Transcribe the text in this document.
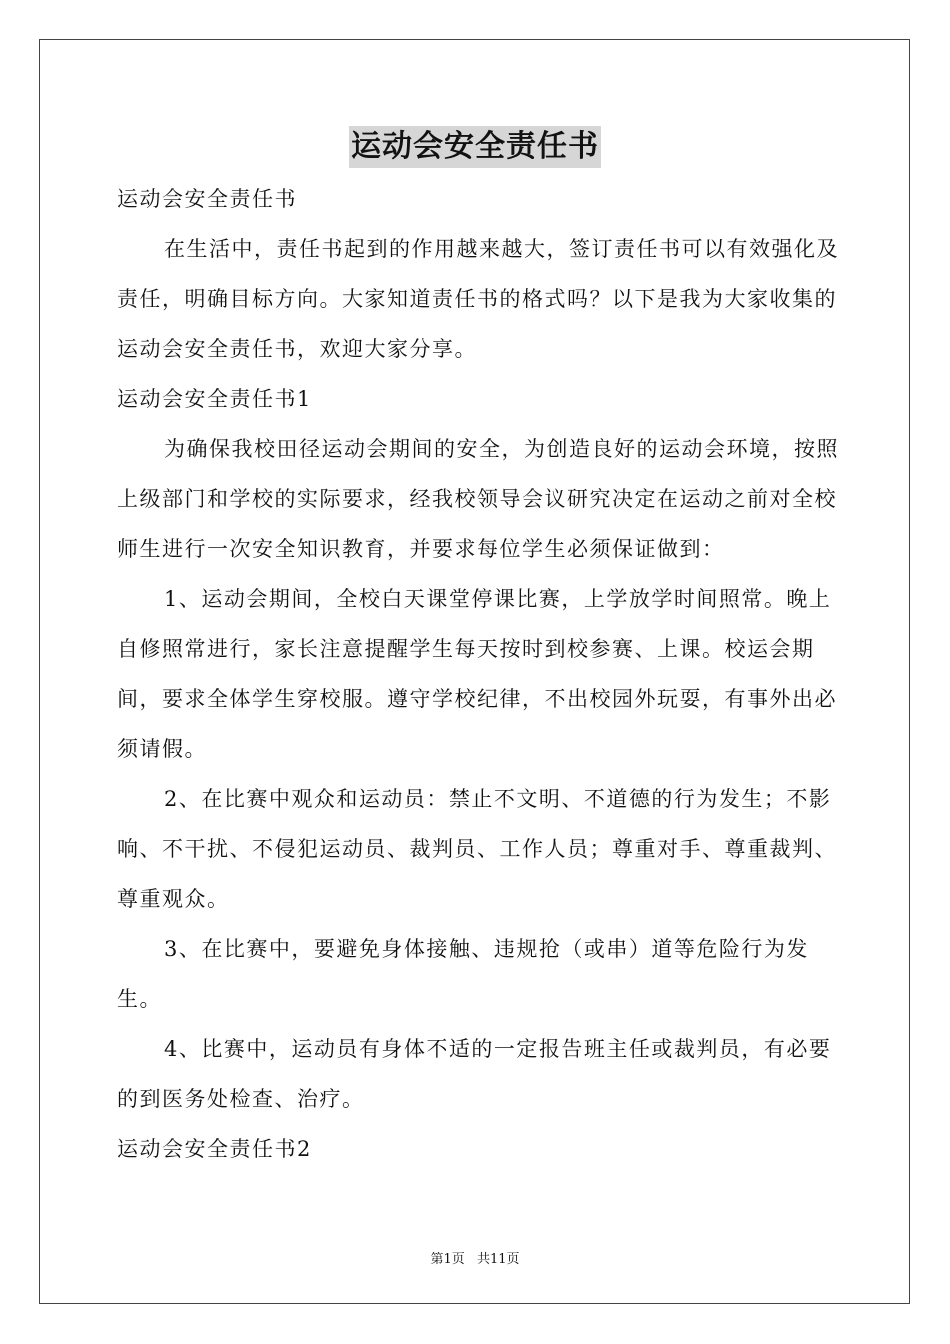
运动会安全责任书

运动会安全责任书

在生活中，责任书起到的作用越来越大，签订责任书可以有效强化及责任，明确目标方向。大家知道责任书的格式吗？以下是我为大家收集的运动会安全责任书，欢迎大家分享。

运动会安全责任书1

为确保我校田径运动会期间的安全，为创造良好的运动会环境，按照上级部门和学校的实际要求，经我校领导会议研究决定在运动之前对全校师生进行一次安全知识教育，并要求每位学生必须保证做到：

1、运动会期间，全校白天课堂停课比赛，上学放学时间照常。晚上自修照常进行，家长注意提醒学生每天按时到校参赛、上课。校运会期间，要求全体学生穿校服。遵守学校纪律，不出校园外玩耍，有事外出必须请假。

2、在比赛中观众和运动员：禁止不文明、不道德的行为发生；不影响、不干扰、不侵犯运动员、裁判员、工作人员；尊重对手、尊重裁判、尊重观众。

3、在比赛中，要避免身体接触、违规抢（或串）道等危险行为发生。

4、比赛中，运动员有身体不适的一定报告班主任或裁判员，有必要的到医务处检查、治疗。

运动会安全责任书2

第1页 共11页
